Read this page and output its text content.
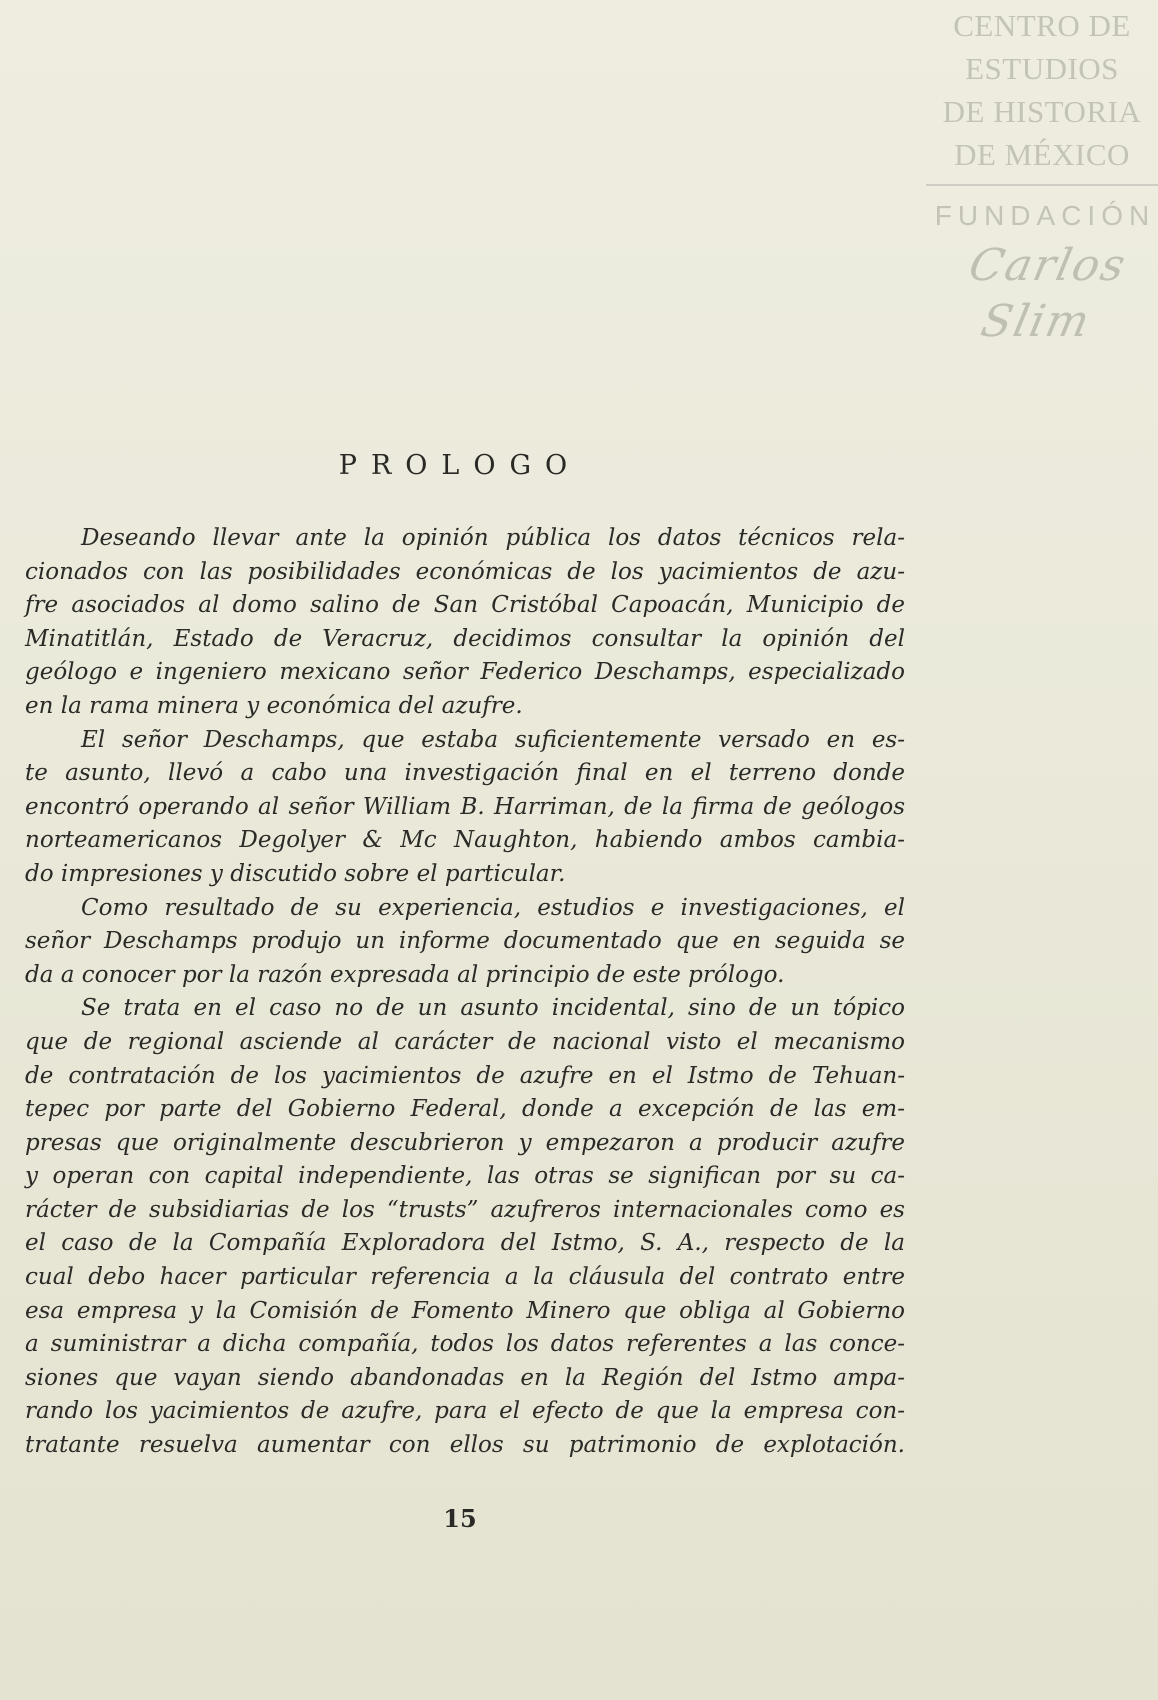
CENTRO DE
ESTUDIOS
DE HISTORIA
DE MÉXICO
FUNDACIÓN
Carlos Slim
PROLOGO
Deseando llevar ante la opinión pública los datos técnicos rela-
cionados con las posibilidades económicas de los yacimientos de azu-
fre asociados al domo salino de San Cristóbal Capoacán, Municipio de
Minatitlán, Estado de Veracruz, decidimos consultar la opinión del
geólogo e ingeniero mexicano señor Federico Deschamps, especializado
en la rama minera y económica del azufre.
El señor Deschamps, que estaba suficientemente versado en es-
te asunto, llevó a cabo una investigación final en el terreno donde
encontró operando al señor William B. Harriman, de la firma de geólogos
norteamericanos Degolyer & Mc Naughton, habiendo ambos cambia-
do impresiones y discutido sobre el particular.
Como resultado de su experiencia, estudios e investigaciones, el
señor Deschamps produjo un informe documentado que en seguida se
da a conocer por la razón expresada al principio de este prólogo.
Se trata en el caso no de un asunto incidental, sino de un tópico
que de regional asciende al carácter de nacional visto el mecanismo
de contratación de los yacimientos de azufre en el Istmo de Tehuan-
tepec por parte del Gobierno Federal, donde a excepción de las em-
presas que originalmente descubrieron y empezaron a producir azufre
y operan con capital independiente, las otras se significan por su ca-
rácter de subsidiarias de los “trusts” azufreros internacionales como es
el caso de la Compañía Exploradora del Istmo, S. A., respecto de la
cual debo hacer particular referencia a la cláusula del contrato entre
esa empresa y la Comisión de Fomento Minero que obliga al Gobierno
a suministrar a dicha compañía, todos los datos referentes a las conce-
siones que vayan siendo abandonadas en la Región del Istmo ampa-
rando los yacimientos de azufre, para el efecto de que la empresa con-
tratante resuelva aumentar con ellos su patrimonio de explotación.
15
